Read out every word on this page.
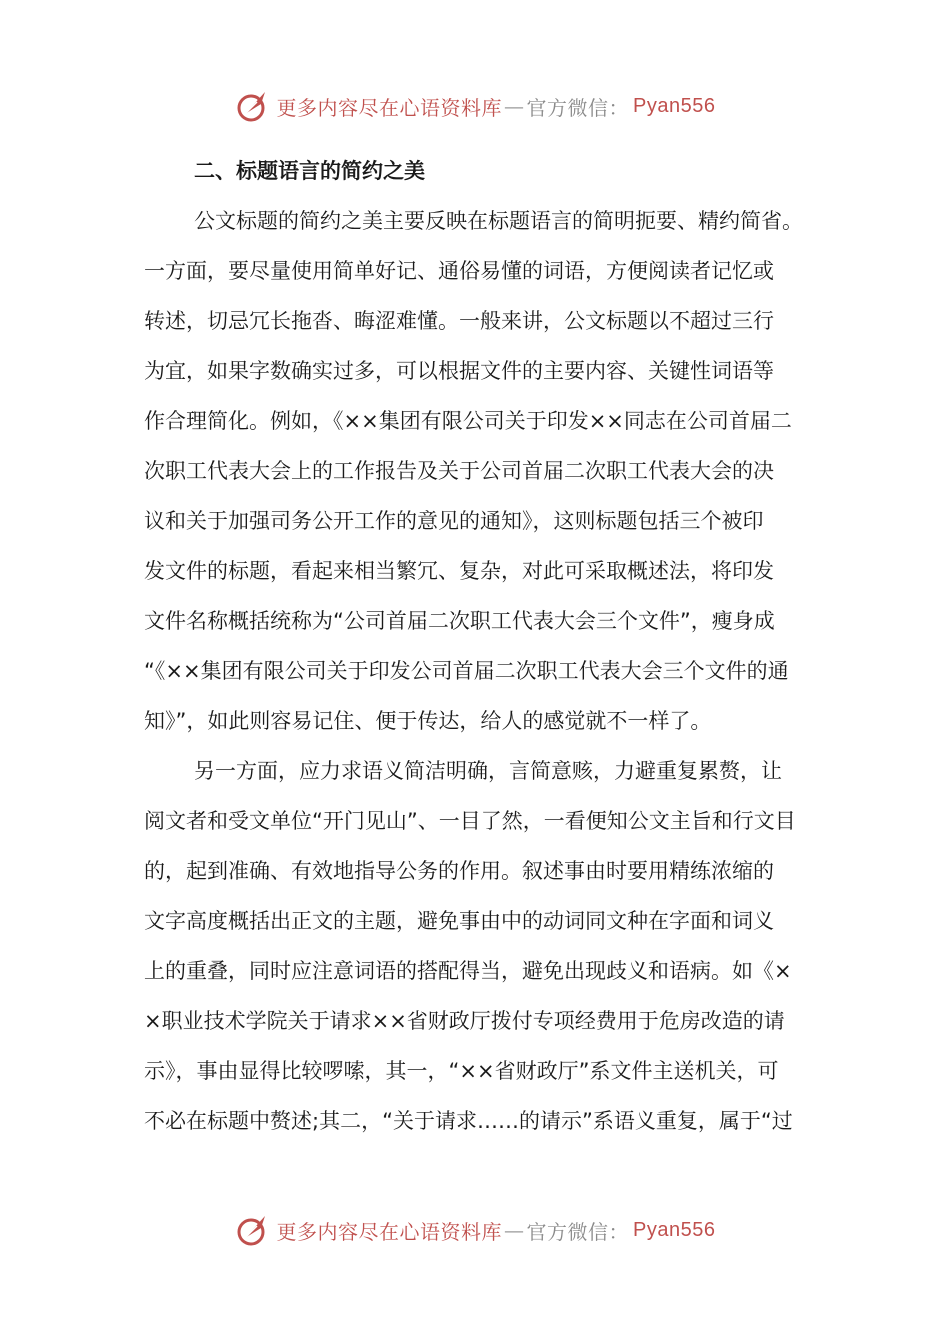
更多内容尽在心语资料库 — 官方微信： Pyan556
二、标题语言的简约之美
公文标题的简约之美主要反映在标题语言的简明扼要、精约简省。
一方面，要尽量使用简单好记、通俗易懂的词语，方便阅读者记忆或
转述，切忌冗长拖沓、晦涩难懂。一般来讲，公文标题以不超过三行
为宜，如果字数确实过多，可以根据文件的主要内容、关键性词语等
作合理简化。例如，《××集团有限公司关于印发××同志在公司首届二
次职工代表大会上的工作报告及关于公司首届二次职工代表大会的决
议和关于加强司务公开工作的意见的通知》，这则标题包括三个被印
发文件的标题，看起来相当繁冗、复杂，对此可采取概述法，将印发
文件名称概括统称为“公司首届二次职工代表大会三个文件”，瘦身成
“《××集团有限公司关于印发公司首届二次职工代表大会三个文件的通
知》”，如此则容易记住、便于传达，给人的感觉就不一样了。
另一方面，应力求语义简洁明确，言简意赅，力避重复累赘，让
阅文者和受文单位“开门见山”、一目了然，一看便知公文主旨和行文目
的，起到准确、有效地指导公务的作用。叙述事由时要用精练浓缩的
文字高度概括出正文的主题，避免事由中的动词同文种在字面和词义
上的重叠，同时应注意词语的搭配得当，避免出现歧义和语病。如《×
×职业技术学院关于请求××省财政厅拨付专项经费用于危房改造的请
示》，事由显得比较啰嗦，其一，“××省财政厅”系文件主送机关，可
不必在标题中赘述;其二，“关于请求……的请示”系语义重复，属于“过
更多内容尽在心语资料库 — 官方微信： Pyan556
